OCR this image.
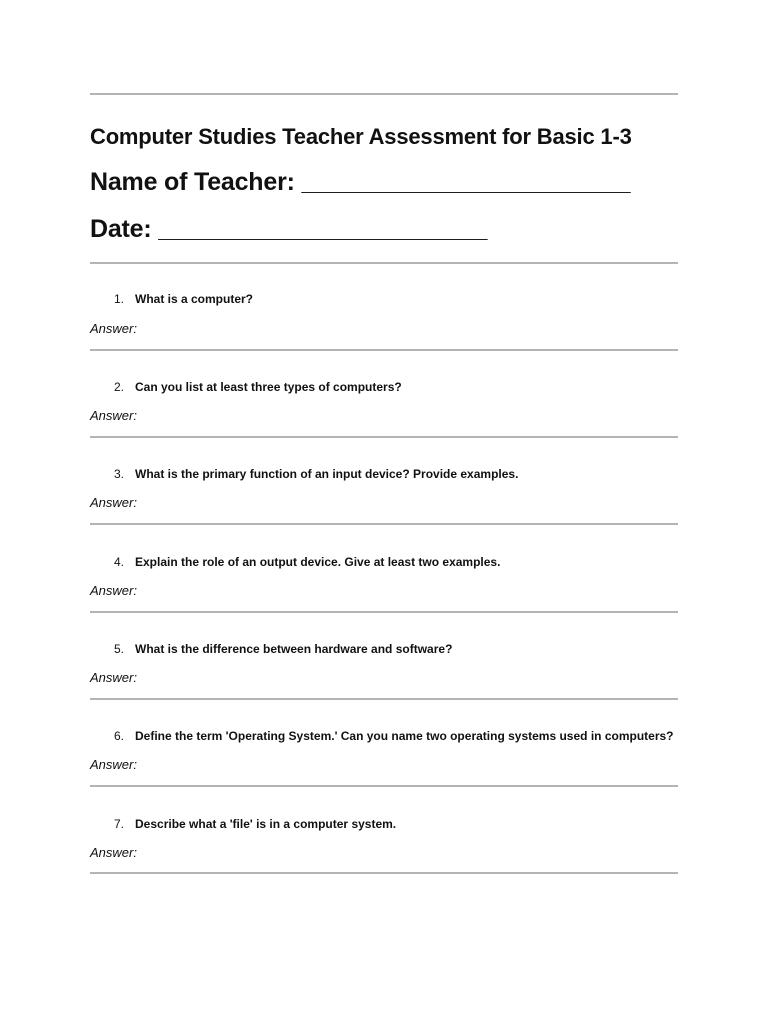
Computer Studies Teacher Assessment for Basic 1-3
Name of Teacher: ________________________
Date: ________________________
1. What is a computer?
Answer:
2. Can you list at least three types of computers?
Answer:
3. What is the primary function of an input device? Provide examples.
Answer:
4. Explain the role of an output device. Give at least two examples.
Answer:
5. What is the difference between hardware and software?
Answer:
6. Define the term 'Operating System.' Can you name two operating systems used in computers?
Answer:
7. Describe what a 'file' is in a computer system.
Answer:
